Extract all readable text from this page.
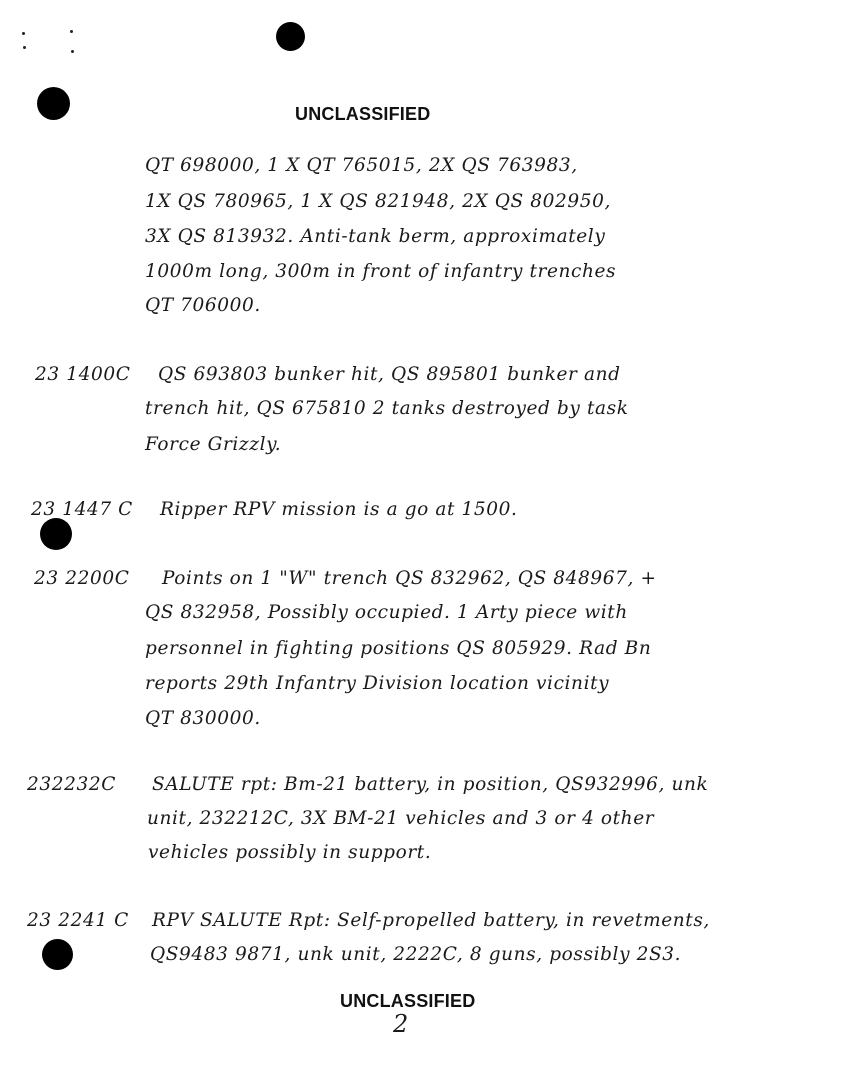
UNCLASSIFIED
QT 698000, 1 X QT 765015, 2X QS 763983,
1X QS 780965, 1 X QS 821948, 2X QS 802950,
3X QS 813932. Anti-tank berm, approximately
1000m long, 300m in front of infantry trenches
QT 706000.
23 1400C QS 693803 bunker hit, QS 895801 bunker and
trench hit, QS 675810 2 tanks destroyed by task
Force Grizzly.
23 1447 C Ripper RPV mission is a go at 1500.
23 2200C Points on 1 "W" trench QS 832962, QS 848967, +
QS 832958, Possibly occupied. 1 Arty piece with
personnel in fighting positions QS 805929. Rad Bn
reports 29th Infantry Division location vicinity
QT 830000.
232232C SALUTE rpt: Bm-21 battery, in position, QS932996, unk
unit, 232212C, 3X BM-21 vehicles and 3 or 4 other
vehicles possibly in support.
23 2241 C RPV SALUTE Rpt: Self-propelled battery, in revetments,
QS9483 9871, unk unit, 2222C, 8 guns, possibly 2S3.
UNCLASSIFIED
2
